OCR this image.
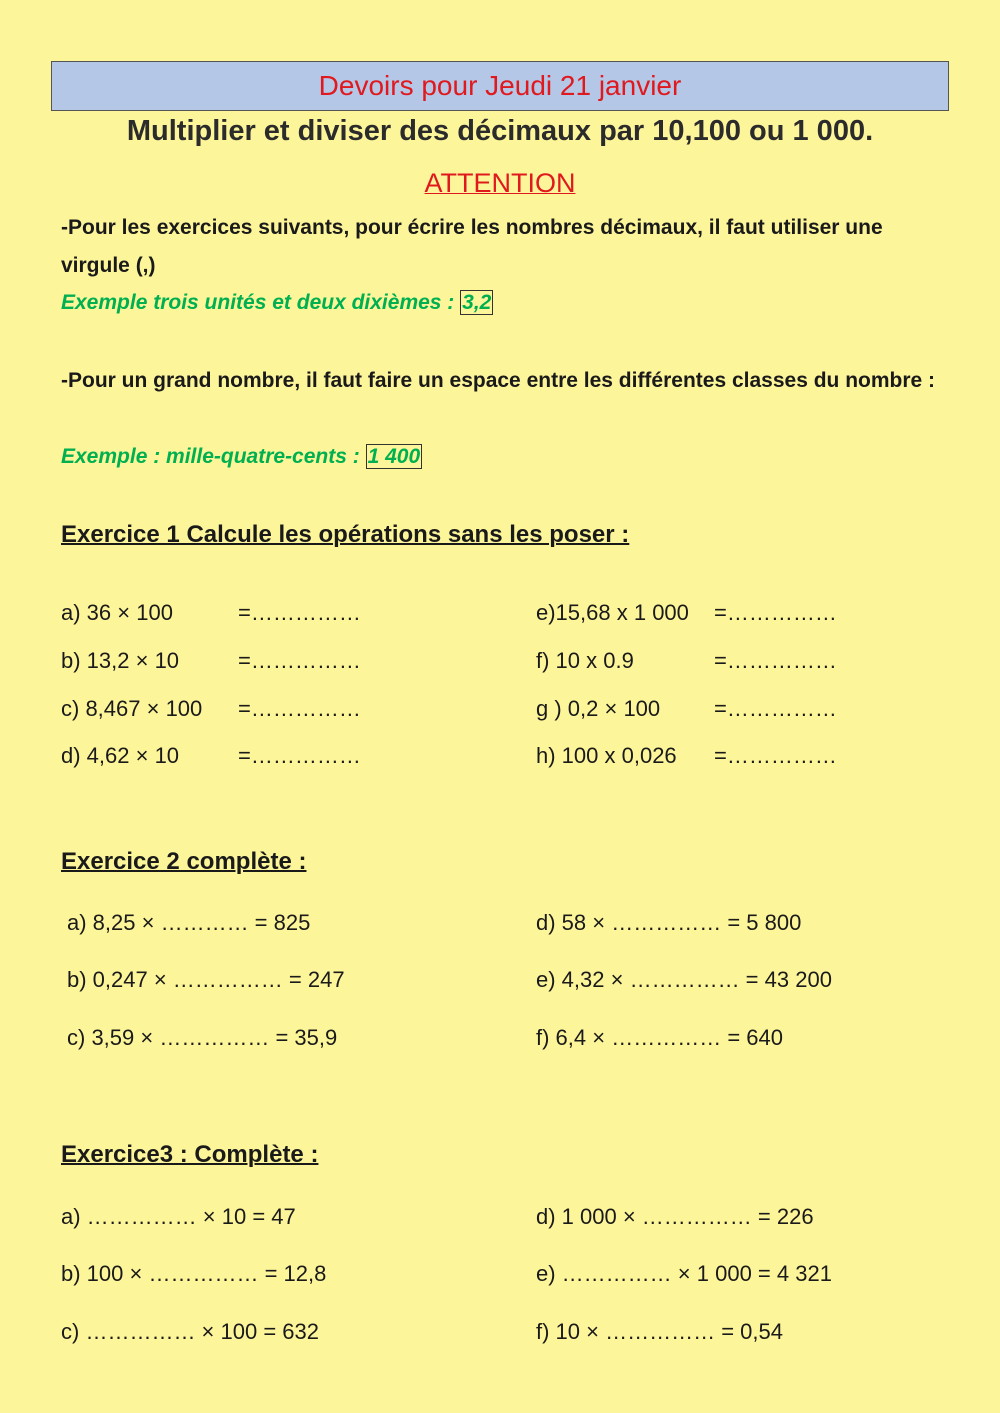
Devoirs pour Jeudi 21 janvier
Multiplier et diviser des décimaux par 10,100 ou 1 000.
ATTENTION
-Pour les exercices suivants, pour écrire les nombres décimaux, il faut utiliser une virgule (,)
Exemple trois unités et deux dixièmes : 3,2
-Pour un grand nombre, il faut faire un espace entre les différentes classes du nombre :
Exemple : mille-quatre-cents : 1 400
Exercice 1 Calcule les opérations sans les poser :
a) 36 × 100	=……………
b) 13,2 × 10	=……………
c) 8,467 × 100 =……………
d) 4,62 × 10	=……………
e)15,68 x 1 000 =……………
f) 10 x 0.9	=……………
g ) 0,2 × 100 =……………
h) 100 x 0,026 =……………
Exercice 2 complète :
a) 8,25 × ………… = 825
b) 0,247 × …………… = 247
c) 3,59 × …………… = 35,9
d) 58 × …………… = 5 800
e) 4,32 × …………… = 43 200
f) 6,4 × …………… = 640
Exercice3 : Complète :
a) …………… × 10 = 47
b) 100 × …………… = 12,8
c) …………… × 100 = 632
d) 1 000 × …………… = 226
e) …………… × 1 000 = 4 321
f) 10 × …………… = 0,54
